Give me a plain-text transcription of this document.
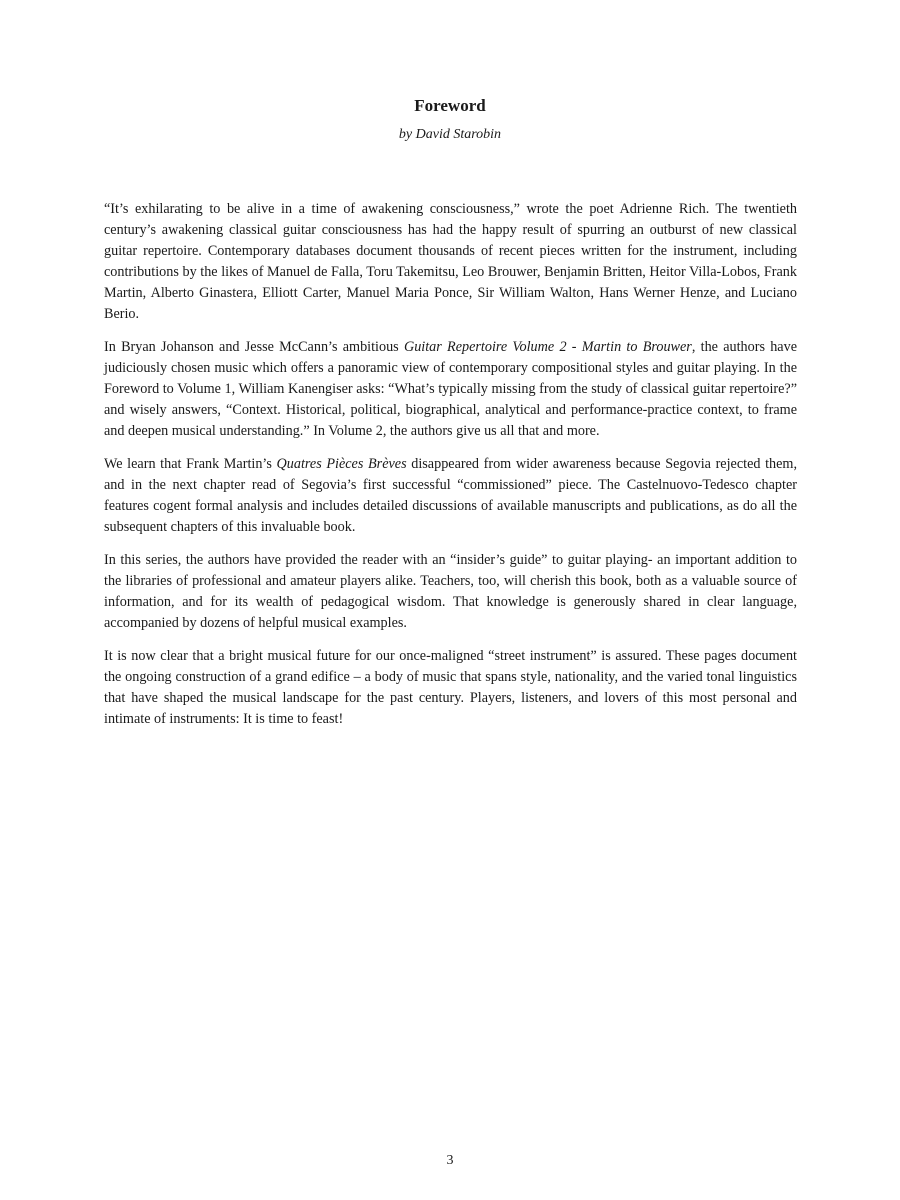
Foreword
by David Starobin

“It’s exhilarating to be alive in a time of awakening consciousness,” wrote the poet Adrienne Rich. The twentieth century’s awakening classical guitar consciousness has had the happy result of spurring an outburst of new classical guitar repertoire. Contemporary databases document thousands of recent pieces written for the instrument, including contributions by the likes of Manuel de Falla, Toru Takemitsu, Leo Brouwer, Benjamin Britten, Heitor Villa-Lobos, Frank Martin, Alberto Ginastera, Elliott Carter, Manuel Maria Ponce, Sir William Walton, Hans Werner Henze, and Luciano Berio.

In Bryan Johanson and Jesse McCann’s ambitious Guitar Repertoire Volume 2 - Martin to Brouwer, the authors have judiciously chosen music which offers a panoramic view of contemporary compositional styles and guitar playing. In the Foreword to Volume 1, William Kanengiser asks: “What’s typically missing from the study of classical guitar repertoire?” and wisely answers, “Context. Historical, political, biographical, analytical and performance-practice context, to frame and deepen musical understanding.” In Volume 2, the authors give us all that and more.

We learn that Frank Martin’s Quatres Pièces Brèves disappeared from wider awareness because Segovia rejected them, and in the next chapter read of Segovia’s first successful “commissioned” piece. The Castelnuovo-Tedesco chapter features cogent formal analysis and includes detailed discussions of available manuscripts and publications, as do all the subsequent chapters of this invaluable book.

In this series, the authors have provided the reader with an “insider’s guide” to guitar playing- an important addition to the libraries of professional and amateur players alike. Teachers, too, will cherish this book, both as a valuable source of information, and for its wealth of pedagogical wisdom. That knowledge is generously shared in clear language, accompanied by dozens of helpful musical examples.

It is now clear that a bright musical future for our once-maligned “street instrument” is assured. These pages document the ongoing construction of a grand edifice – a body of music that spans style, nationality, and the varied tonal linguistics that have shaped the musical landscape for the past century. Players, listeners, and lovers of this most personal and intimate of instruments: It is time to feast!

3
